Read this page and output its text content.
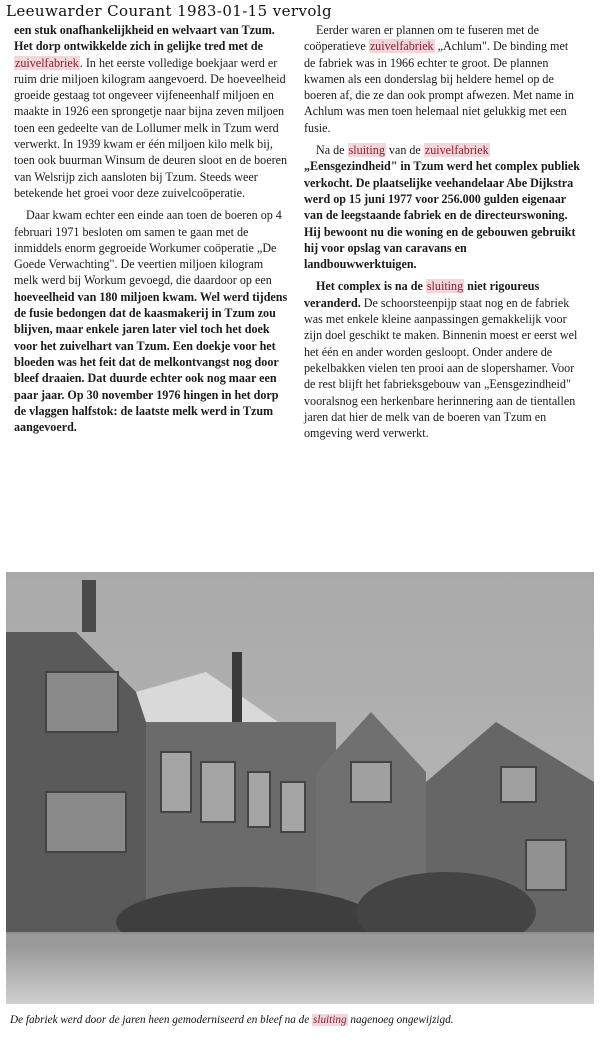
Leeuwarder Courant 1983-01-15 vervolg

een stuk onafhankelijkheid en welvaart van Tzum. Het dorp ontwikkelde zich in gelijke tred met de zuivelfabriek. In het eerste volledige boekjaar werd er ruim drie miljoen kilogram aangevoerd. De hoeveelheid groeide gestaag tot ongeveer vijfeneenhalf miljoen en maakte in 1926 een sprongetje naar bijna zeven miljoen toen een gedeelte van de Lollumer melk in Tzum werd verwerkt. In 1939 kwam er één miljoen kilo melk bij, toen ook buurman Winsum de deuren sloot en de boeren van Welsrijp zich aansloten bij Tzum. Steeds weer betekende het groei voor deze zuivelcoöperatie.

Daar kwam echter een einde aan toen de boeren op 4 februari 1971 besloten om samen te gaan met de inmiddels enorm gegroeide Workumer coöperatie „De Goede Verwachting". De veertien miljoen kilogram melk werd bij Workum gevoegd, die daardoor op een hoeveelheid van 180 miljoen kwam. Wel werd tijdens de fusie bedongen dat de kaasmakerij in Tzum zou blijven, maar enkele jaren later viel toch het doek voor het zuivelhart van Tzum. Een doekje voor het bloeden was het feit dat de melkontvangst nog door bleef draaien. Dat duurde echter ook nog maar een paar jaar. Op 30 november 1976 hingen in het dorp de vlaggen halfstok: de laatste melk werd in Tzum aangevoerd.

Eerder waren er plannen om te fuseren met de coöperatieve zuivelfabriek „Achlum". De binding met de fabriek was in 1966 echter te groot. De plannen kwamen als een donderslag bij heldere hemel op de boeren af, die ze dan ook prompt afwezen. Met name in Achlum was men toen helemaal niet gelukkig met een fusie.

Na de sluiting van de zuivelfabriek „Eensgezindheid" in Tzum werd het complex publiek verkocht. De plaatselijke veehandelaar Abe Dijkstra werd op 15 juni 1977 voor 256.000 gulden eigenaar van de leegstaande fabriek en de directeurswoning. Hij bewoont nu die woning en de gebouwen gebruikt hij voor opslag van caravans en landbouwwerktuigen.

Het complex is na de sluiting niet rigoureus veranderd. De schoorsteenpijp staat nog en de fabriek was met enkele kleine aanpassingen gemakkelijk voor zijn doel geschikt te maken. Binnenin moest er eerst wel het één en ander worden gesloopt. Onder andere de pekelbakken vielen ten prooi aan de slopershamer. Voor de rest blijft het fabrieksgebouw van „Eensgezindheid" vooralsnog een herkenbare herinnering aan de tientallen jaren dat hier de melk van de boeren van Tzum en omgeving werd verwerkt.

De fabriek werd door de jaren heen gemoderniseerd en bleef na de sluiting nagenoeg ongewijzigd.
